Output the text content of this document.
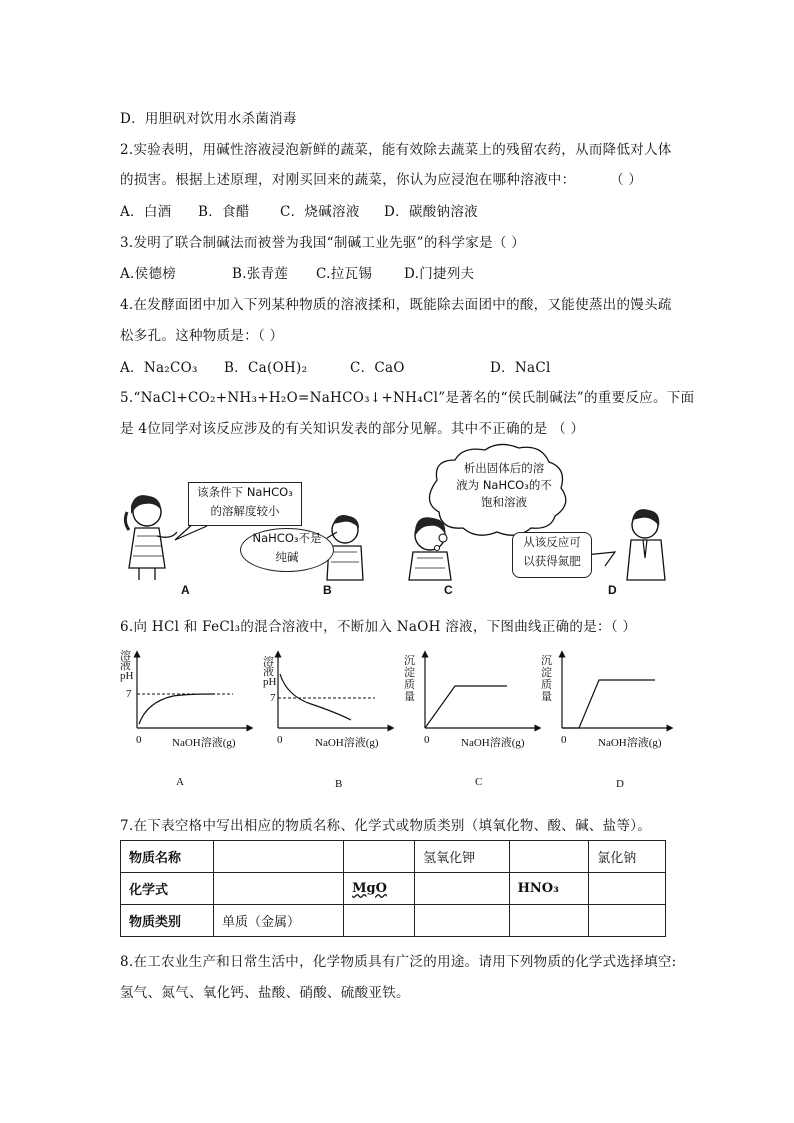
D．用胆矾对饮用水杀菌消毒
2.实验表明，用碱性溶液浸泡新鲜的蔬菜，能有效除去蔬菜上的残留农药，从而降低对人体
的损害。根据上述原理，对刚买回来的蔬菜，你认为应浸泡在哪种溶液中：	（ ）
A．白酒 B．食醋 C．烧碱溶液 D．碳酸钠溶液
3.发明了联合制碱法而被誉为我国“制碱工业先驱”的科学家是（ ）
A.侯德榜	B.张青莲 C.拉瓦锡 D.门捷列夫
4.在发酵面团中加入下列某种物质的溶液揉和，既能除去面团中的酸，又能使蒸出的馒头疏
松多孔。这种物质是：（ ）
A．Na₂CO₃ B．Ca(OH)₂	C．CaO	D．NaCl
5.“NaCl+CO₂+NH₃+H₂O=NaHCO₃↓+NH₄Cl”是著名的“侯氏制碱法”的重要反应。下面
是 4位同学对该反应涉及的有关知识发表的部分见解。其中不正确的是 （ ）
该条件下 NaHCO₃
的溶解度较小
NaHCO₃不是
纯碱
析出固体后的溶
液为 NaHCO₃的不
饱和溶液
从该反应可
以获得氮肥
A	B	C	D
6.向 HCl 和 FeCl₃的混合溶液中，不断加入 NaOH 溶液，下图曲线正确的是：（ ）
溶
液
pH
7
0	NaOH溶液(g)
溶
液
pH
7
0	NaOH溶液(g)
沉
淀
质
量
0	NaOH溶液(g)
沉
淀
质
量
0	NaOH溶液(g)
A	B	C	D
7.在下表空格中写出相应的物质名称、化学式或物质类别（填氧化物、酸、碱、盐等）。
物质名称			氢氧化钾		氯化钠
化学式		MgO		HNO₃	
物质类别	单质（金属）				
8.在工农业生产和日常生活中，化学物质具有广泛的用途。请用下列物质的化学式选择填空:
氢气、氮气、氧化钙、盐酸、硝酸、硫酸亚铁。
